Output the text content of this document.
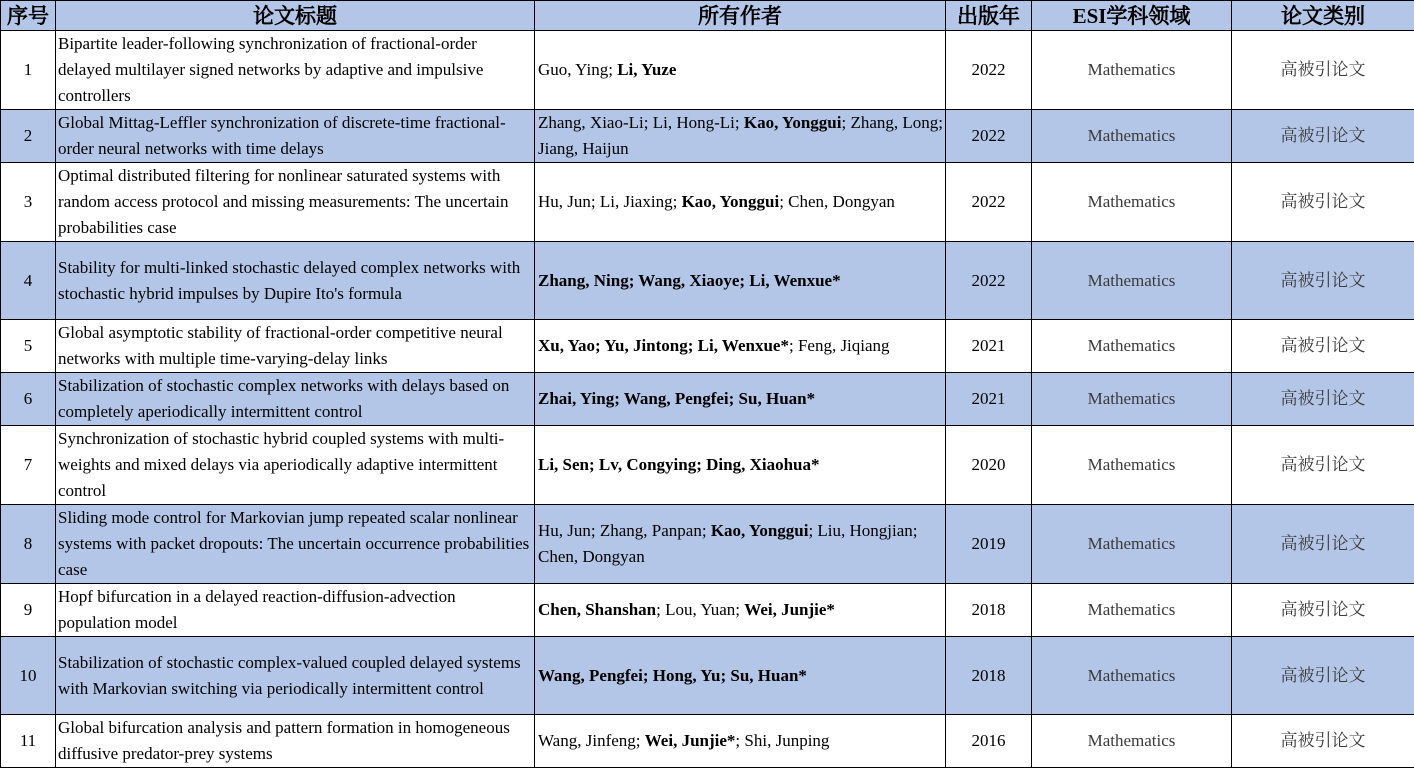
序号	论文标题	所有作者	出版年	ESI学科领域	论文类别
1	Bipartite leader-following synchronization of fractional-order delayed multilayer signed networks by adaptive and impulsive controllers	Guo, Ying; Li, Yuze	2022	Mathematics	高被引论文
2	Global Mittag-Leffler synchronization of discrete-time fractional-order neural networks with time delays	Zhang, Xiao-Li; Li, Hong-Li; Kao, Yonggui; Zhang, Long; Jiang, Haijun	2022	Mathematics	高被引论文
3	Optimal distributed filtering for nonlinear saturated systems with random access protocol and missing measurements: The uncertain probabilities case	Hu, Jun; Li, Jiaxing; Kao, Yonggui; Chen, Dongyan	2022	Mathematics	高被引论文
4	Stability for multi-linked stochastic delayed complex networks with stochastic hybrid impulses by Dupire Ito's formula	Zhang, Ning; Wang, Xiaoye; Li, Wenxue*	2022	Mathematics	高被引论文
5	Global asymptotic stability of fractional-order competitive neural networks with multiple time-varying-delay links	Xu, Yao; Yu, Jintong; Li, Wenxue*; Feng, Jiqiang	2021	Mathematics	高被引论文
6	Stabilization of stochastic complex networks with delays based on completely aperiodically intermittent control	Zhai, Ying; Wang, Pengfei; Su, Huan*	2021	Mathematics	高被引论文
7	Synchronization of stochastic hybrid coupled systems with multi-weights and mixed delays via aperiodically adaptive intermittent control	Li, Sen; Lv, Congying; Ding, Xiaohua*	2020	Mathematics	高被引论文
8	Sliding mode control for Markovian jump repeated scalar nonlinear systems with packet dropouts: The uncertain occurrence probabilities case	Hu, Jun; Zhang, Panpan; Kao, Yonggui; Liu, Hongjian; Chen, Dongyan	2019	Mathematics	高被引论文
9	Hopf bifurcation in a delayed reaction-diffusion-advection population model	Chen, Shanshan; Lou, Yuan; Wei, Junjie*	2018	Mathematics	高被引论文
10	Stabilization of stochastic complex-valued coupled delayed systems with Markovian switching via periodically intermittent control	Wang, Pengfei; Hong, Yu; Su, Huan*	2018	Mathematics	高被引论文
11	Global bifurcation analysis and pattern formation in homogeneous diffusive predator-prey systems	Wang, Jinfeng; Wei, Junjie*; Shi, Junping	2016	Mathematics	高被引论文
